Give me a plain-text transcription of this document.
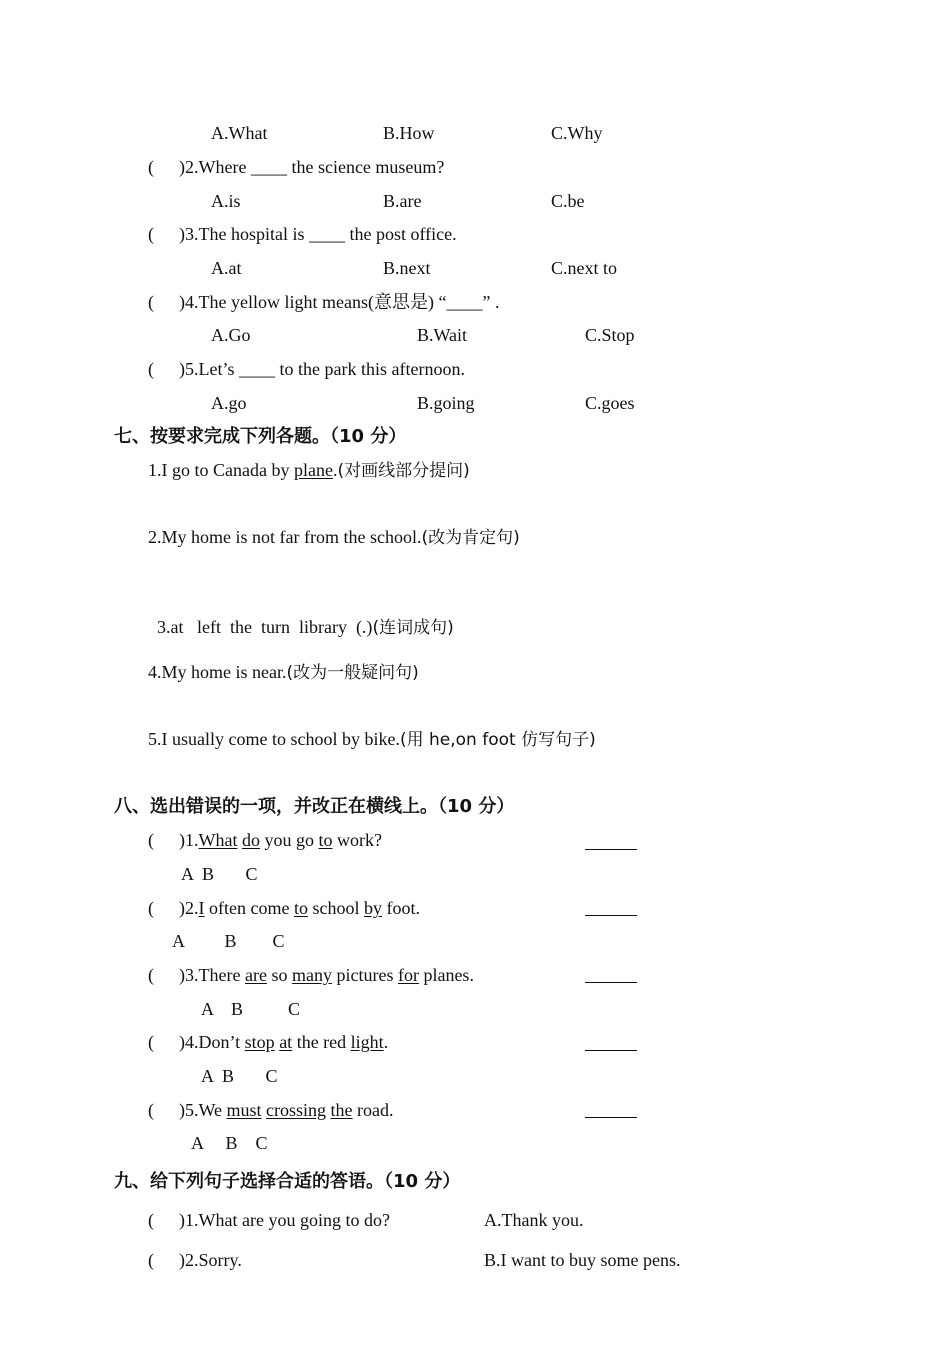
A.What	B.How	C.Why
( )2.Where ____ the science museum?
A.is	B.are	C.be
( )3.The hospital is ____ the post office.
A.at	B.next	C.next to
( )4.The yellow light means(意思是) “____” .
A.Go	B.Wait	C.Stop
( )5.Let’s ____ to the park this afternoon.
A.go	B.going	C.goes
七、按要求完成下列各题。（10 分）
1.I go to Canada by plane.(对画线部分提问)
2.My home is not far from the school.(改为肯定句)

3.at   left  the  turn  library  (.)(连词成句)

4.My home is near.(改为一般疑问句)
5.I usually come to school by bike.(用 he,on foot 仿写句子)
八、选出错误的一项，并改正在横线上。（10 分）
( )1.What do you go to work?
A  B       C
( )2.I often come to school by foot.
A         B        C
( )3.There are so many pictures for planes.
A    B          C
( )4.Don’t stop at the red light.
A  B       C
( )5.We must crossing the road.
A     B    C
九、给下列句子选择合适的答语。（10 分）
( )1.What are you going to do?	A.Thank you.
( )2.Sorry.	B.I want to buy some pens.
